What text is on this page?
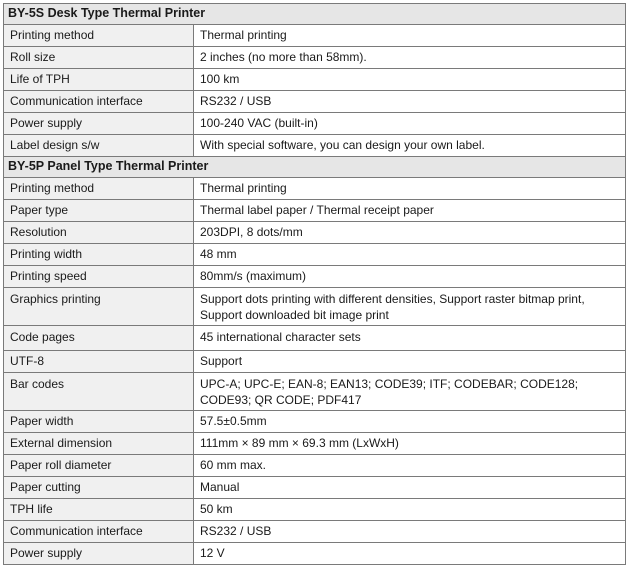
BY-5S Desk Type Thermal Printer	
Printing method	Thermal printing
Roll size	2 inches (no more than 58mm).
Life of TPH	100 km
Communication interface	RS232 / USB
Power supply	100-240 VAC (built-in)
Label design s/w	With special software, you can design your own label.
BY-5P Panel Type Thermal Printer	
Printing method	Thermal printing
Paper type	Thermal label paper / Thermal receipt paper
Resolution	203DPI, 8 dots/mm
Printing width	48 mm
Printing speed	80mm/s (maximum)
Graphics printing	Support dots printing with different densities, Support raster bitmap print, Support downloaded bit image print
Code pages	45 international character sets
UTF-8	Support
Bar codes	UPC-A; UPC-E; EAN-8; EAN13; CODE39; ITF; CODEBAR; CODE128; CODE93; QR CODE; PDF417
Paper width	57.5±0.5mm
External dimension	111mm × 89 mm × 69.3 mm (LxWxH)
Paper roll diameter	60 mm max.
Paper cutting	Manual
TPH life	50 km
Communication interface	RS232 / USB
Power supply	12 V
